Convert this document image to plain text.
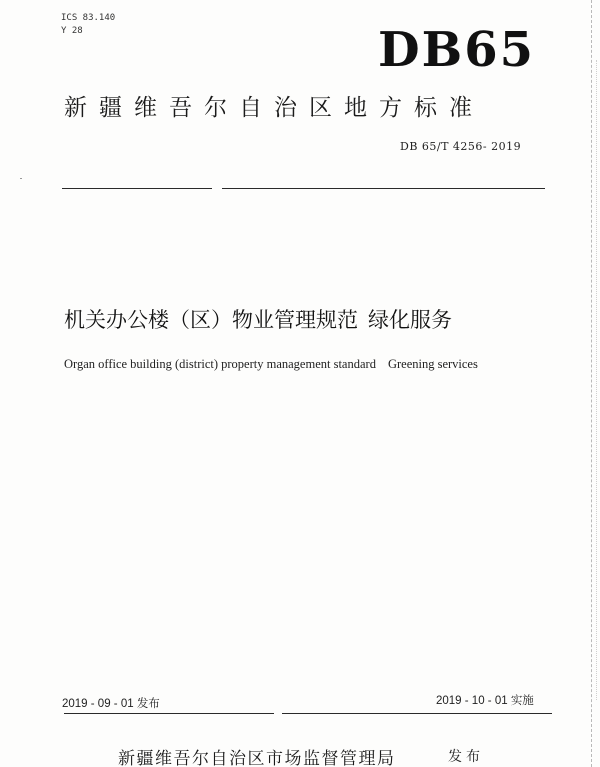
ICS 83.140
Y 28	DB65
新疆维吾尔自治区地方标准
DB 65/T 4256- 2019
机关办公楼（区）物业管理规范 绿化服务
Organ office building (district) property management standard Greening services
2019 - 09 - 01 发布	2019 - 10 - 01 实施
新疆维吾尔自治区市场监督管理局	发布
